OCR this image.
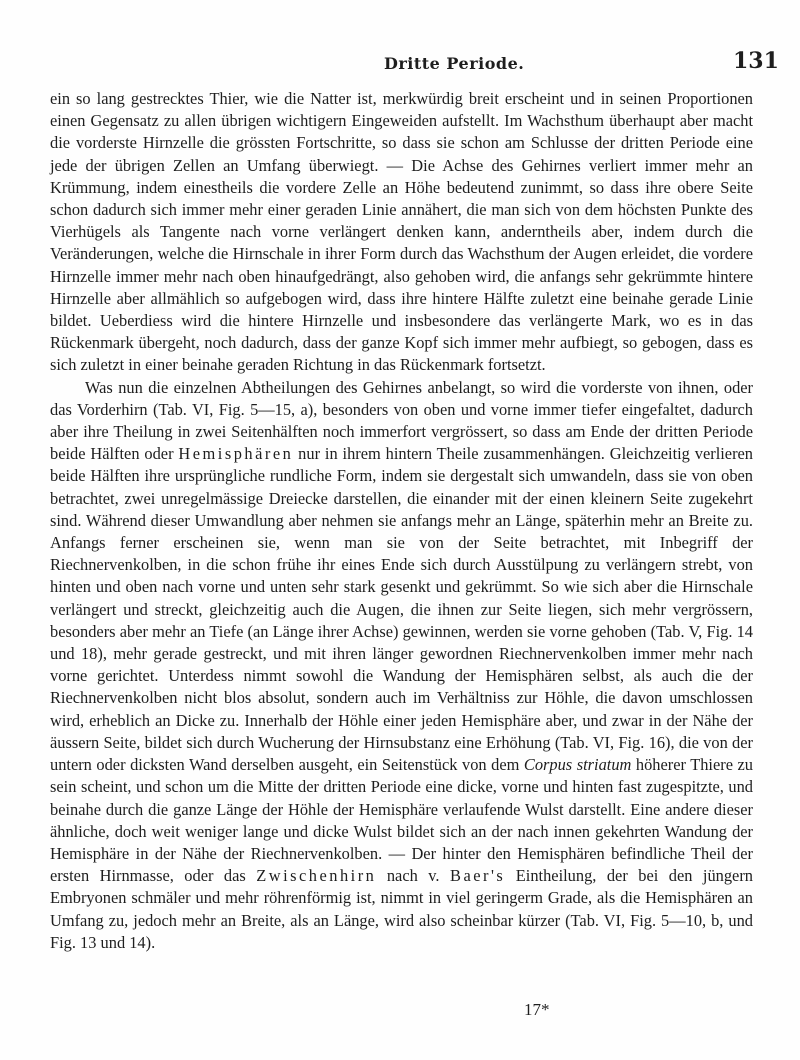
Dritte Periode.	131

ein so lang gestrecktes Thier, wie die Natter ist, merkwürdig breit erscheint und in seinen Proportionen einen Gegensatz zu allen übrigen wichtigern Eingeweiden aufstellt. Im Wachsthum überhaupt aber macht die vorderste Hirnzelle die grössten Fortschritte, so dass sie schon am Schlusse der dritten Periode eine jede der übrigen Zellen an Umfang überwiegt. — Die Achse des Gehirnes verliert immer mehr an Krümmung, indem einestheils die vordere Zelle an Höhe bedeutend zunimmt, so dass ihre obere Seite schon dadurch sich immer mehr einer geraden Linie annähert, die man sich von dem höchsten Punkte des Vierhügels als Tangente nach vorne verlängert denken kann, anderntheils aber, indem durch die Veränderungen, welche die Hirnschale in ihrer Form durch das Wachsthum der Augen erleidet, die vordere Hirnzelle immer mehr nach oben hinaufgedrängt, also gehoben wird, die anfangs sehr gekrümmte hintere Hirnzelle aber allmählich so aufgebogen wird, dass ihre hintere Hälfte zuletzt eine beinahe gerade Linie bildet. Ueberdiess wird die hintere Hirnzelle und insbesondere das verlängerte Mark, wo es in das Rückenmark übergeht, noch dadurch, dass der ganze Kopf sich immer mehr aufbiegt, so gebogen, dass es sich zuletzt in einer beinahe geraden Richtung in das Rückenmark fortsetzt.

Was nun die einzelnen Abtheilungen des Gehirnes anbelangt, so wird die vorderste von ihnen, oder das Vorderhirn (Tab. VI, Fig. 5—15, a), besonders von oben und vorne immer tiefer eingefaltet, dadurch aber ihre Theilung in zwei Seitenhälften noch immerfort vergrössert, so dass am Ende der dritten Periode beide Hälften oder Hemisphären nur in ihrem hintern Theile zusammenhängen. Gleichzeitig verlieren beide Hälften ihre ursprüngliche rundliche Form, indem sie dergestalt sich umwandeln, dass sie von oben betrachtet, zwei unregelmässige Dreiecke darstellen, die einander mit der einen kleinern Seite zugekehrt sind. Während dieser Umwandlung aber nehmen sie anfangs mehr an Länge, späterhin mehr an Breite zu. Anfangs ferner erscheinen sie, wenn man sie von der Seite betrachtet, mit Inbegriff der Riechnervenkolben, in die schon frühe ihr eines Ende sich durch Ausstülpung zu verlängern strebt, von hinten und oben nach vorne und unten sehr stark gesenkt und gekrümmt. So wie sich aber die Hirnschale verlängert und streckt, gleichzeitig auch die Augen, die ihnen zur Seite liegen, sich mehr vergrössern, besonders aber mehr an Tiefe (an Länge ihrer Achse) gewinnen, werden sie vorne gehoben (Tab. V, Fig. 14 und 18), mehr gerade gestreckt, und mit ihren länger gewordnen Riechnervenkolben immer mehr nach vorne gerichtet. Unterdess nimmt sowohl die Wandung der Hemisphären selbst, als auch die der Riechnervenkolben nicht blos absolut, sondern auch im Verhältniss zur Höhle, die davon umschlossen wird, erheblich an Dicke zu. Innerhalb der Höhle einer jeden Hemisphäre aber, und zwar in der Nähe der äussern Seite, bildet sich durch Wucherung der Hirnsubstanz eine Erhöhung (Tab. VI, Fig. 16), die von der untern oder dicksten Wand derselben ausgeht, ein Seitenstück von dem Corpus striatum höherer Thiere zu sein scheint, und schon um die Mitte der dritten Periode eine dicke, vorne und hinten fast zugespitzte, und beinahe durch die ganze Länge der Höhle der Hemisphäre verlaufende Wulst darstellt. Eine andere dieser ähnliche, doch weit weniger lange und dicke Wulst bildet sich an der nach innen gekehrten Wandung der Hemisphäre in der Nähe der Riechnervenkolben. — Der hinter den Hemisphären befindliche Theil der ersten Hirnmasse, oder das Zwischenhirn nach v. Baer's Eintheilung, der bei den jüngern Embryonen schmäler und mehr röhrenförmig ist, nimmt in viel geringerm Grade, als die Hemisphären an Umfang zu, jedoch mehr an Breite, als an Länge, wird also scheinbar kürzer (Tab. VI, Fig. 5—10, b, und Fig. 13 und 14).

17*
